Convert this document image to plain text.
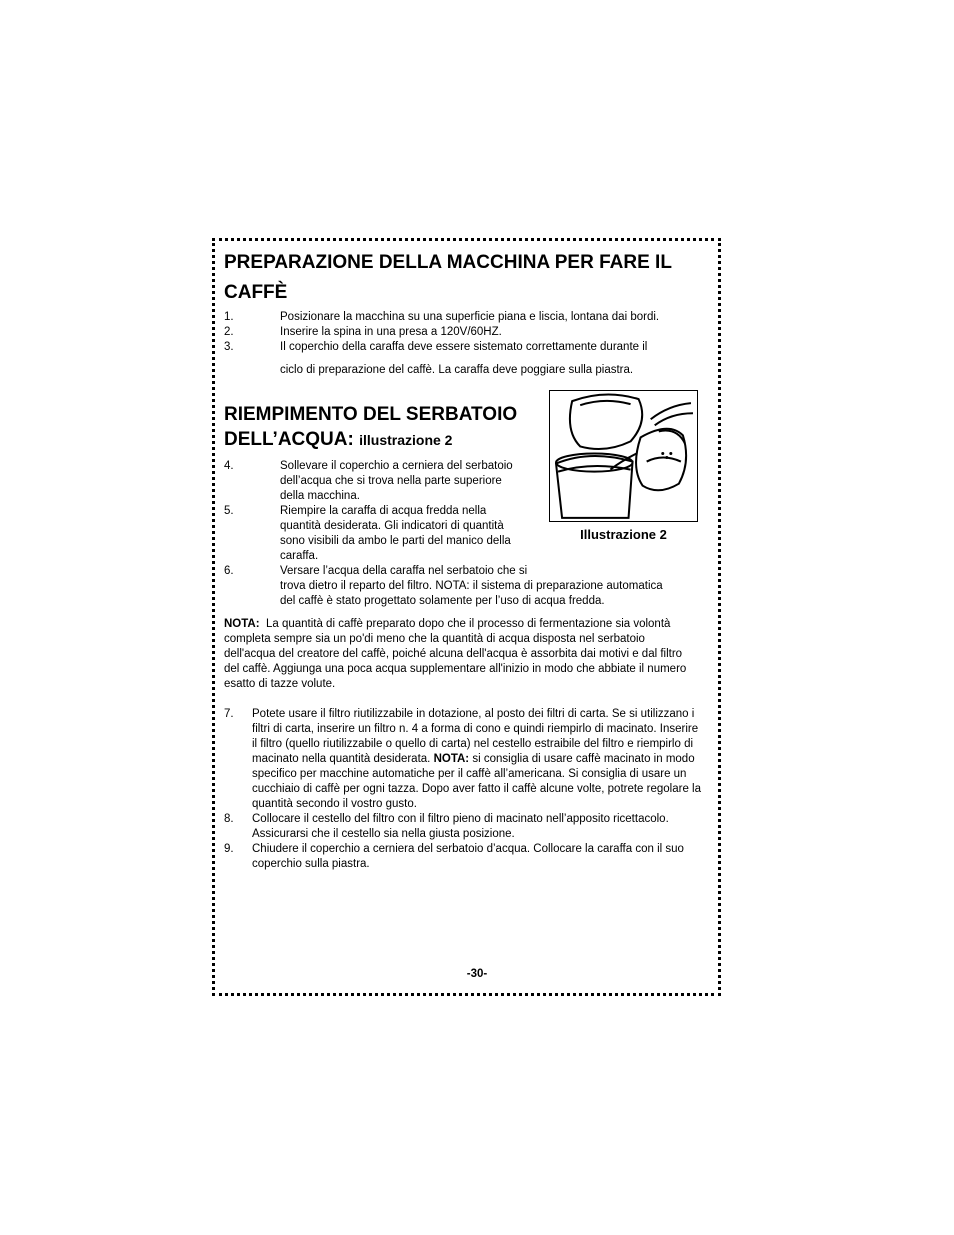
PREPARAZIONE DELLA MACCHINA PER FARE IL
CAFFÈ
1.	Posizionare la macchina su una superficie piana e liscia, lontana dai bordi.
2.	Inserire la spina in una presa a 120V/60HZ.
3.	Il coperchio della caraffa deve essere sistemato correttamente durante il
ciclo di preparazione del caffè. La caraffa deve poggiare sulla piastra.
RIEMPIMENTO DEL SERBATOIO
DELL’ACQUA: illustrazione 2
4.	Sollevare il coperchio a cerniera del serbatoio
dell’acqua che si trova nella parte superiore
della macchina.
5.	Riempire la caraffa di acqua fredda nella
quantità desiderata. Gli indicatori di quantità
sono visibili da ambo le parti del manico della
caraffa.
6.	Versare l’acqua della caraffa nel serbatoio che si
trova dietro il reparto del filtro. NOTA: il sistema di preparazione automatica
del caffè è stato progettato solamente per l’uso di acqua fredda.
NOTA: La quantità di caffè preparato dopo che il processo di fermentazione sia volontà completa sempre sia un po'di meno che la quantità di acqua disposta nel serbatoio dell'acqua del creatore del caffè, poiché alcuna dell'acqua è assorbita dai motivi e dal filtro del caffè. Aggiunga una poca acqua supplementare all'inizio in modo che abbiate il numero esatto di tazze volute.
7. Potete usare il filtro riutilizzabile in dotazione, al posto dei filtri di carta. Se si utilizzano i filtri di carta, inserire un filtro n. 4 a forma di cono e quindi riempirlo di macinato. Inserire il filtro (quello riutilizzabile o quello di carta) nel cestello estraibile del filtro e riempirlo di macinato nella quantità desiderata. NOTA: si consiglia di usare caffè macinato in modo specifico per macchine automatiche per il caffè all’americana. Si consiglia di usare un cucchiaio di caffè per ogni tazza. Dopo aver fatto il caffè alcune volte, potrete regolare la quantità secondo il vostro gusto.
8. Collocare il cestello del filtro con il filtro pieno di macinato nell’apposito ricettacolo. Assicurarsi che il cestello sia nella giusta posizione.
9. Chiudere il coperchio a cerniera del serbatoio d’acqua. Collocare la caraffa con il suo coperchio sulla piastra.
Illustrazione 2
-30-
